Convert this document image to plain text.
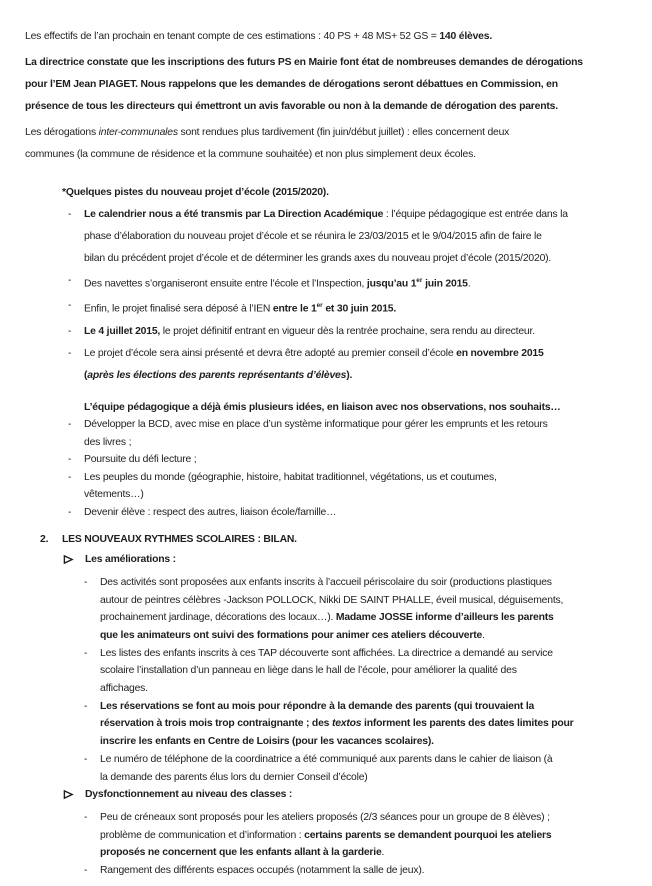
Les effectifs de l’an prochain en tenant compte de ces estimations : 40 PS + 48 MS+ 52 GS = 140 élèves.
La directrice constate que les inscriptions des futurs PS en Mairie font état de nombreuses demandes de dérogations
pour l’EM Jean PIAGET. Nous rappelons que les demandes de dérogations seront débattues en Commission, en
présence de tous les directeurs qui émettront un avis favorable ou non à la demande de dérogation des parents.
Les dérogations inter-communales sont rendues plus tardivement (fin juin/début juillet) : elles concernent deux
communes (la commune de résidence et la commune souhaitée) et non plus simplement deux écoles.
*Quelques pistes du nouveau projet d’école (2015/2020).
-	Le calendrier nous a été transmis par La Direction Académique : l’équipe pédagogique est entrée dans la
phase d’élaboration du nouveau projet d’école et se réunira le 23/03/2015 et le 9/04/2015 afin de faire le
bilan du précédent projet d’école et de déterminer les grands axes du nouveau projet d’école (2015/2020).
-	Des navettes s’organiseront ensuite entre l’école et l’Inspection, jusqu’au 1er juin 2015.
-	Enfin, le projet finalisé sera déposé à l’IEN entre le 1er et 30 juin 2015.
-	Le 4 juillet 2015, le projet définitif entrant en vigueur dès la rentrée prochaine, sera rendu au directeur.
-	Le projet d’école sera ainsi présenté et devra être adopté au premier conseil d’école en novembre 2015
(après les élections des parents représentants d’élèves).
L’équipe pédagogique a déjà émis plusieurs idées, en liaison avec nos observations, nos souhaits…
-	Développer la BCD, avec mise en place d’un système informatique pour gérer les emprunts et les retours
des livres ;
-	Poursuite du défi lecture ;
-	Les peuples du monde (géographie, histoire, habitat traditionnel, végétations, us et coutumes,
vêtements…)
-	Devenir élève : respect des autres, liaison école/famille…
2.	LES NOUVEAUX RYTHMES SCOLAIRES : BILAN.
Les améliorations :
-	Des activités sont proposées aux enfants inscrits à l’accueil périscolaire du soir (productions plastiques
autour de peintres célèbres -Jackson POLLOCK, Nikki DE SAINT PHALLE, éveil musical, déguisements,
prochainement jardinage, décorations des locaux…). Madame JOSSE informe d’ailleurs les parents
que les animateurs ont suivi des formations pour animer ces ateliers découverte.
-	Les listes des enfants inscrits à ces TAP découverte sont affichées. La directrice a demandé au service
scolaire l’installation d’un panneau en liège dans le hall de l’école, pour améliorer la qualité des
affichages.
-	Les réservations se font au mois pour répondre à la demande des parents (qui trouvaient la
réservation à trois mois trop contraignante ; des textos informent les parents des dates limites pour
inscrire les enfants en Centre de Loisirs (pour les vacances scolaires).
-	Le numéro de téléphone de la coordinatrice a été communiqué aux parents dans le cahier de liaison (à
la demande des parents élus lors du dernier Conseil d’école)
Dysfonctionnement au niveau des classes :
-	Peu de créneaux sont proposés pour les ateliers proposés (2/3 séances pour un groupe de 8 élèves) ;
problème de communication et d’information : certains parents se demandent pourquoi les ateliers
proposés ne concernent que les enfants allant à la garderie.
-	Rangement des différents espaces occupés (notamment la salle de jeux).
